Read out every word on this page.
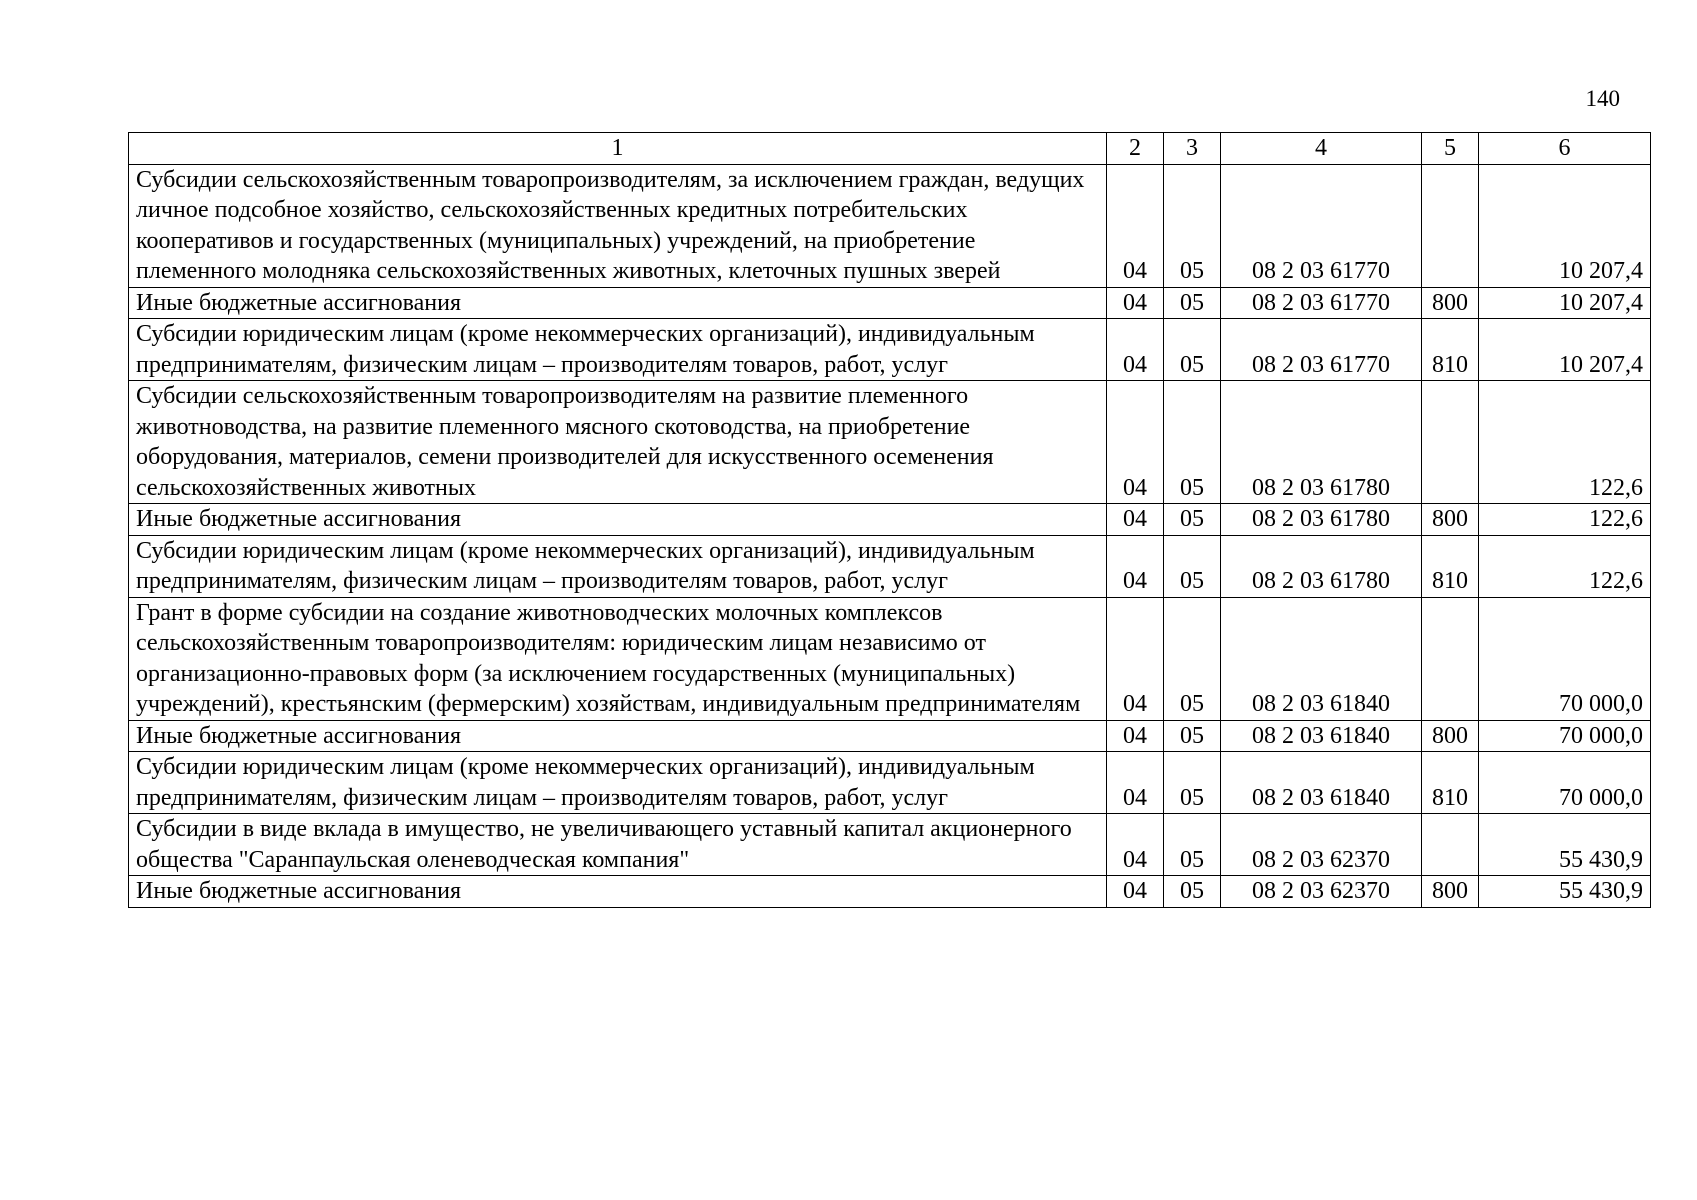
140
1	2	3	4	5	6
Субсидии сельскохозяйственным товаропроизводителям, за исключением граждан, ведущих личное подсобное хозяйство, сельскохозяйственных кредитных потребительских кооперативов и государственных (муниципальных) учреждений, на приобретение племенного молодняка сельскохозяйственных животных, клеточных пушных зверей	04	05	08 2 03 61770		10 207,4
Иные бюджетные ассигнования	04	05	08 2 03 61770	800	10 207,4
Субсидии юридическим лицам (кроме некоммерческих организаций), индивидуальным предпринимателям, физическим лицам – производителям товаров, работ, услуг	04	05	08 2 03 61770	810	10 207,4
Субсидии сельскохозяйственным товаропроизводителям на развитие племенного животноводства, на развитие племенного мясного скотоводства, на приобретение оборудования, материалов, семени производителей для искусственного осеменения сельскохозяйственных животных	04	05	08 2 03 61780		122,6
Иные бюджетные ассигнования	04	05	08 2 03 61780	800	122,6
Субсидии юридическим лицам (кроме некоммерческих организаций), индивидуальным предпринимателям, физическим лицам – производителям товаров, работ, услуг	04	05	08 2 03 61780	810	122,6
Грант в форме субсидии на создание животноводческих молочных комплексов сельскохозяйственным товаропроизводителям: юридическим лицам независимо от организационно-правовых форм (за исключением государственных (муниципальных) учреждений), крестьянским (фермерским) хозяйствам, индивидуальным предпринимателям	04	05	08 2 03 61840		70 000,0
Иные бюджетные ассигнования	04	05	08 2 03 61840	800	70 000,0
Субсидии юридическим лицам (кроме некоммерческих организаций), индивидуальным предпринимателям, физическим лицам – производителям товаров, работ, услуг	04	05	08 2 03 61840	810	70 000,0
Субсидии в виде вклада в имущество, не увеличивающего уставный капитал акционерного общества "Саранпаульская оленеводческая компания"	04	05	08 2 03 62370		55 430,9
Иные бюджетные ассигнования	04	05	08 2 03 62370	800	55 430,9
